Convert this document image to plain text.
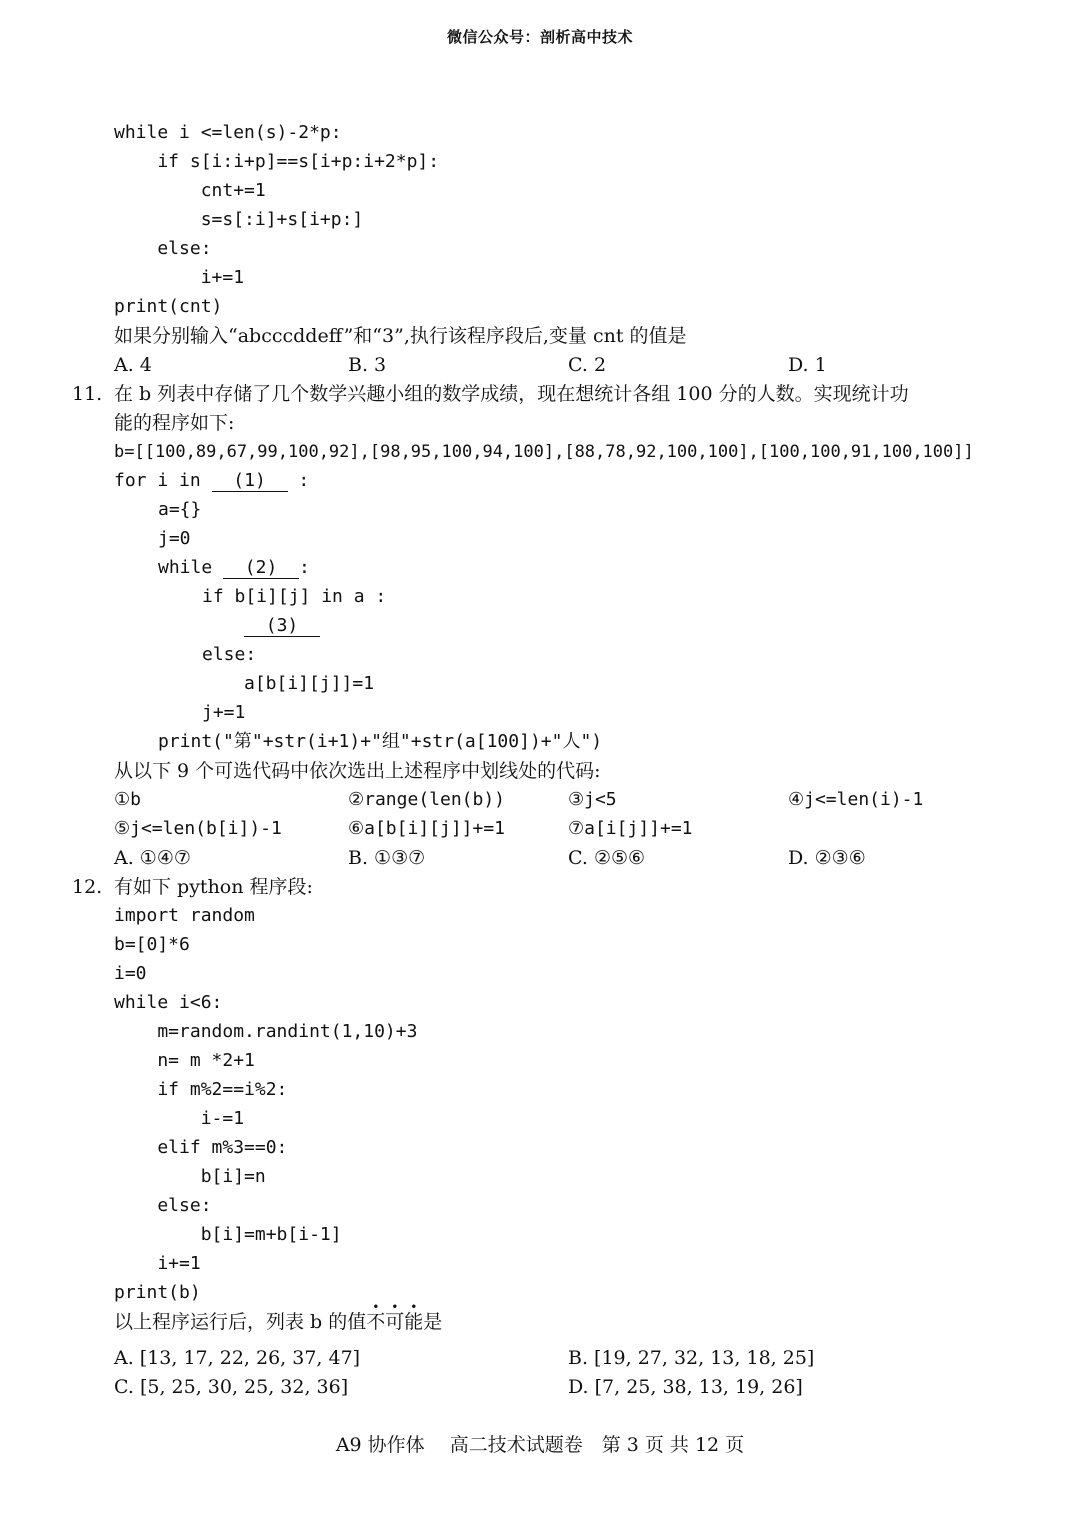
微信公众号：剖析高中技术
while i <=len(s)-2*p:
if s[i:i+p]==s[i+p:i+2*p]:
cnt+=1
s=s[:i]+s[i+p:]
else:
i+=1
print(cnt)
如果分别输入“abcccddeff”和“3”,执行该程序段后,变量 cnt 的值是
A. 4	B. 3	C. 2	D. 1
11. 在 b 列表中存储了几个数学兴趣小组的数学成绩，现在想统计各组 100 分的人数。实现统计功
能的程序如下:
b=[[100,89,67,99,100,92],[98,95,100,94,100],[88,78,92,100,100],[100,100,91,100,100]]
for i in (1) :
a={}
j=0
while (2) :
if b[i][j] in a :
(3)
else:
a[b[i][j]]=1
j+=1
print("第"+str(i+1)+"组"+str(a[100])+"人")
从以下 9 个可选代码中依次选出上述程序中划线处的代码:
①b	②range(len(b))	③j<5	④j<=len(i)-1
⑤j<=len(b[i])-1	⑥a[b[i][j]]+=1	⑦a[i[j]]+=1
A. ①④⑦	B. ①③⑦	C. ②⑤⑥	D. ②③⑥
12. 有如下 python 程序段:
import random
b=[0]*6
i=0
while i<6:
m=random.randint(1,10)+3
n= m *2+1
if m%2==i%2:
i-=1
elif m%3==0:
b[i]=n
else:
b[i]=m+b[i-1]
i+=1
print(b)
以上程序运行后，列表 b 的值不可能是
A. [13, 17, 22, 26, 37, 47]	B. [19, 27, 32, 13, 18, 25]
C. [5, 25, 30, 25, 32, 36]	D. [7, 25, 38, 13, 19, 26]
A9 协作体　 高二技术试题卷　第 3 页 共 12 页
